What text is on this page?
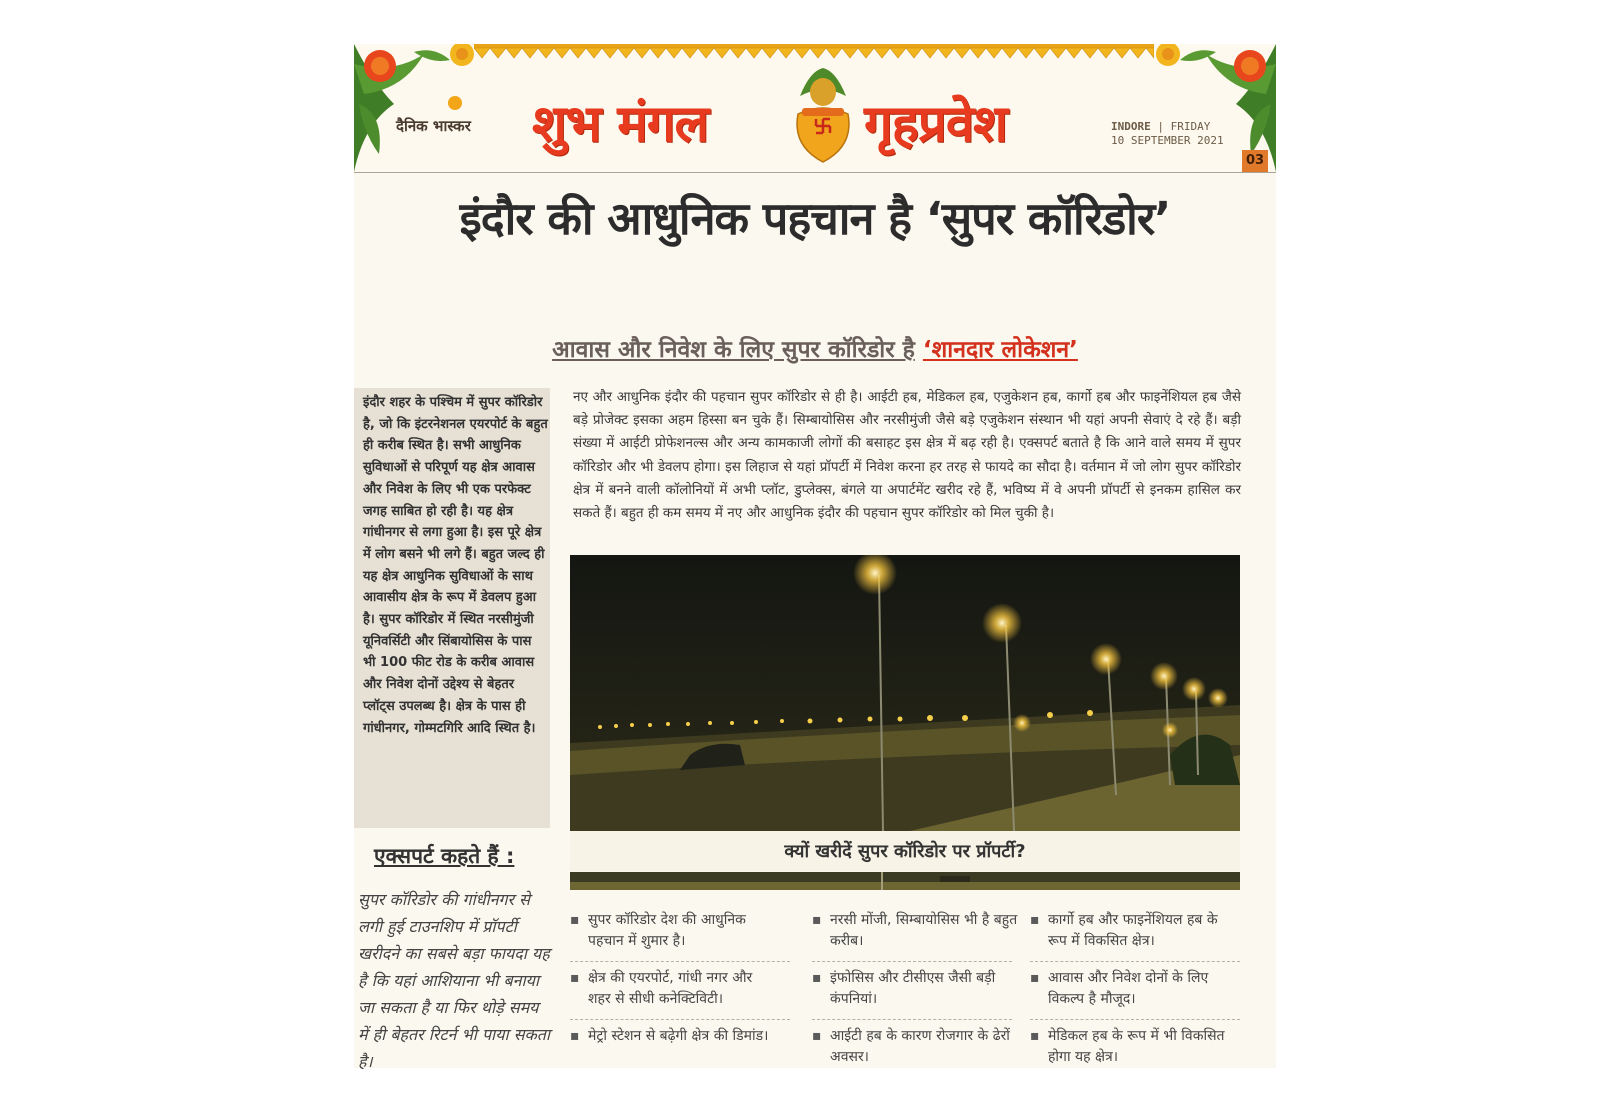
दैनिक भास्कर शुभ मंगल	गृहप्रवेश	INDORE | FRIDAY
10 SEPTEMBER 2021
03
इंदौर की आधुनिक पहचान है ‘सुपर कॉरिडोर’
आवास और निवेश के लिए सुपर कॉरिडोर है ‘शानदार लोकेशन’
इंदौर शहर के पश्चिम में सुपर कॉरिडोर है, जो कि इंटरनेशनल एयरपोर्ट के बहुत ही करीब स्थित है। सभी आधुनिक सुविधाओं से परिपूर्ण यह क्षेत्र आवास और निवेश के लिए भी एक परफेक्ट जगह साबित हो रही है। यह क्षेत्र गांधीनगर से लगा हुआ है। इस पूरे क्षेत्र में लोग बसने भी लगे हैं। बहुत जल्द ही यह क्षेत्र आधुनिक सुविधाओं के साथ आवासीय क्षेत्र के रूप में डेवलप हुआ है। सुपर कॉरिडोर में स्थित नरसीमुंजी यूनिवर्सिटी और सिंबायोसिस के पास भी 100 फीट रोड के करीब आवास और निवेश दोनों उद्देश्य से बेहतर प्लॉट्स उपलब्ध है। क्षेत्र के पास ही गांधीनगर, गोम्मटगिरि आदि स्थित है।
एक्सपर्ट कहते हैं :
सुपर कॉरिडोर की गांधीनगर से लगी हुई टाउनशिप में प्रॉपर्टी खरीदने का सबसे बड़ा फायदा यह है कि यहां आशियाना भी बनाया जा सकता है या फिर थोड़े समय में ही बेहतर रिटर्न भी पाया सकता है।
नए और आधुनिक इंदौर की पहचान सुपर कॉरिडोर से ही है। आईटी हब, मेडिकल हब, एजुकेशन हब, कार्गो हब और फाइनेंशियल हब जैसे बड़े प्रोजेक्ट इसका अहम हिस्सा बन चुके हैं। सिम्बायोसिस और नरसीमुंजी जैसे बड़े एजुकेशन संस्थान भी यहां अपनी सेवाएं दे रहे हैं। बड़ी संख्या में आईटी प्रोफेशनल्स और अन्य कामकाजी लोगों की बसाहट इस क्षेत्र में बढ़ रही है। एक्सपर्ट बताते है कि आने वाले समय में सुपर कॉरिडोर और भी डेवलप होगा। इस लिहाज से यहां प्रॉपर्टी में निवेश करना हर तरह से फायदे का सौदा है। वर्तमान में जो लोग सुपर कॉरिडोर क्षेत्र में बनने वाली कॉलोनियों में अभी प्लॉट, डुप्लेक्स, बंगले या अपार्टमेंट खरीद रहे हैं, भविष्य में वे अपनी प्रॉपर्टी से इनकम हासिल कर सकते हैं। बहुत ही कम समय में नए और आधुनिक इंदौर की पहचान सुपर कॉरिडोर को मिल चुकी है।
क्यों खरीदें सुपर कॉरिडोर पर प्रॉपर्टी?
▪ सुपर कॉरिडोर देश की आधुनिक पहचान में शुमार है।
▪ नरसी मोंजी, सिम्बायोसिस भी है बहुत करीब।
▪ कार्गो हब और फाइनेंशियल हब के रूप में विकसित क्षेत्र।
▪ क्षेत्र की एयरपोर्ट, गांधी नगर और शहर से सीधी कनेक्टिविटी।
▪ इंफोसिस और टीसीएस जैसी बड़ी कंपनियां।
▪ आवास और निवेश दोनों के लिए विकल्प है मौजूद।
▪ मेट्रो स्टेशन से बढ़ेगी क्षेत्र की डिमांड।	▪ आईटी हब के कारण रोजगार के ढेरों अवसर।
▪ मेडिकल हब के रूप में भी विकसित होगा यह क्षेत्र।
